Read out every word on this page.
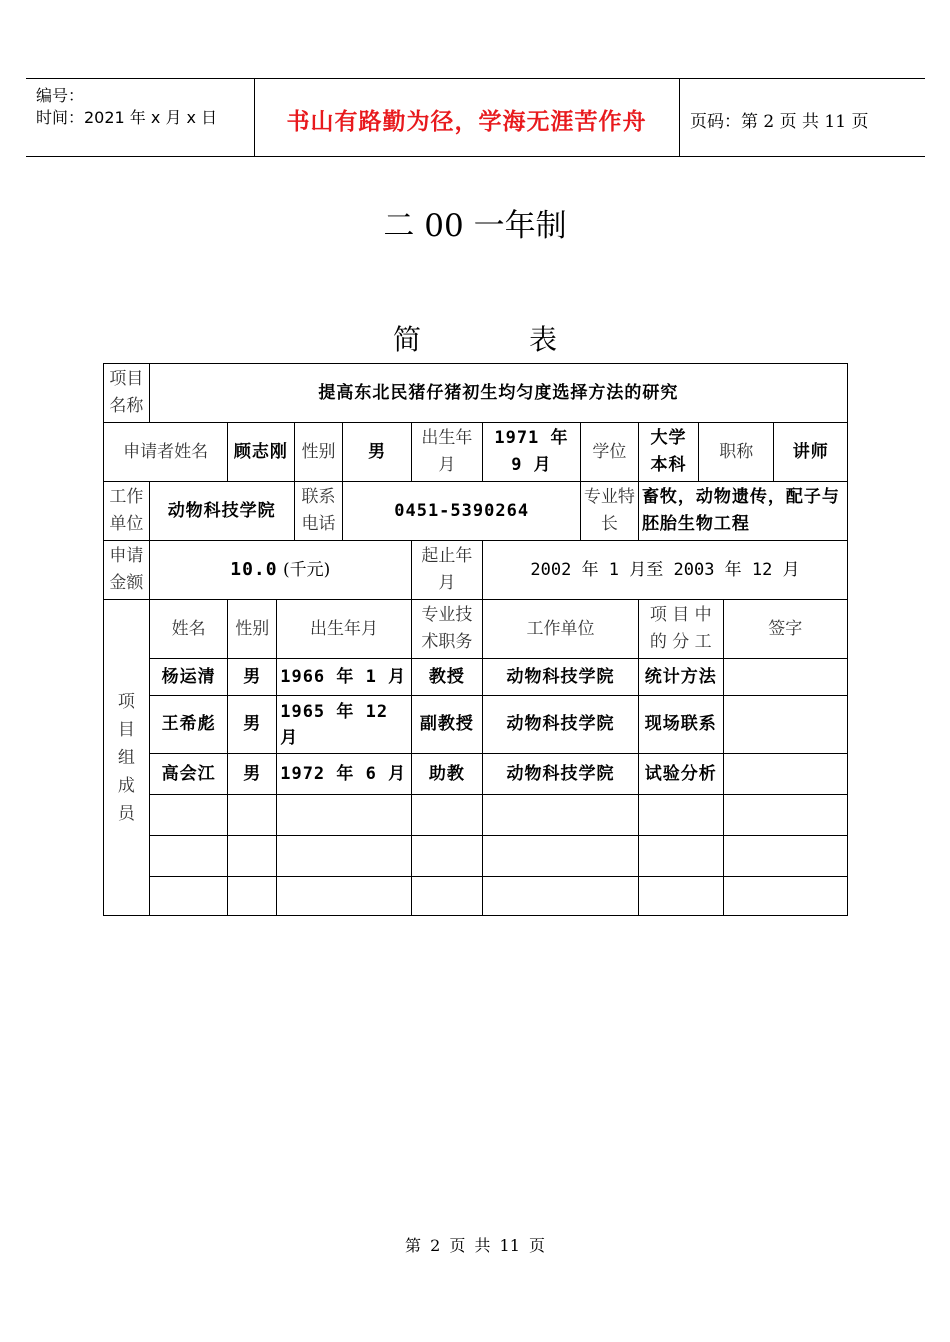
编号：
时间：2021 年 x 月 x 日	书山有路勤为径，学海无涯苦作舟	页码：第 2 页 共 11 页
二 00 一年制
简	表
项目名称	提高东北民猪仔猪初生均匀度选择方法的研究											
申请者姓名		顾志刚		性别	男	出生年月	1971 年 9 月	学位	大学本科	职称		讲师
工作单位	动物科技学院			联系电话	0451-5390264			专业特长	畜牧，动物遗传，配子与胚胎生物工程			
申请金额	10.0 (千元)					起止年月	2002 年 1 月至 2003 年 12 月					

项目组成员	姓名	性别	出生年月			专业技术职务	工作单位		项 目 中 的 分 工		签字	
	杨运清	男	1966 年 1 月			教授	动物科技学院		统计方法			
	王希彪	男	1965 年 12 月			副教授	动物科技学院		现场联系			
	高会江	男	1972 年 6 月			助教	动物科技学院		试验分析			

第 2 页 共 11 页
